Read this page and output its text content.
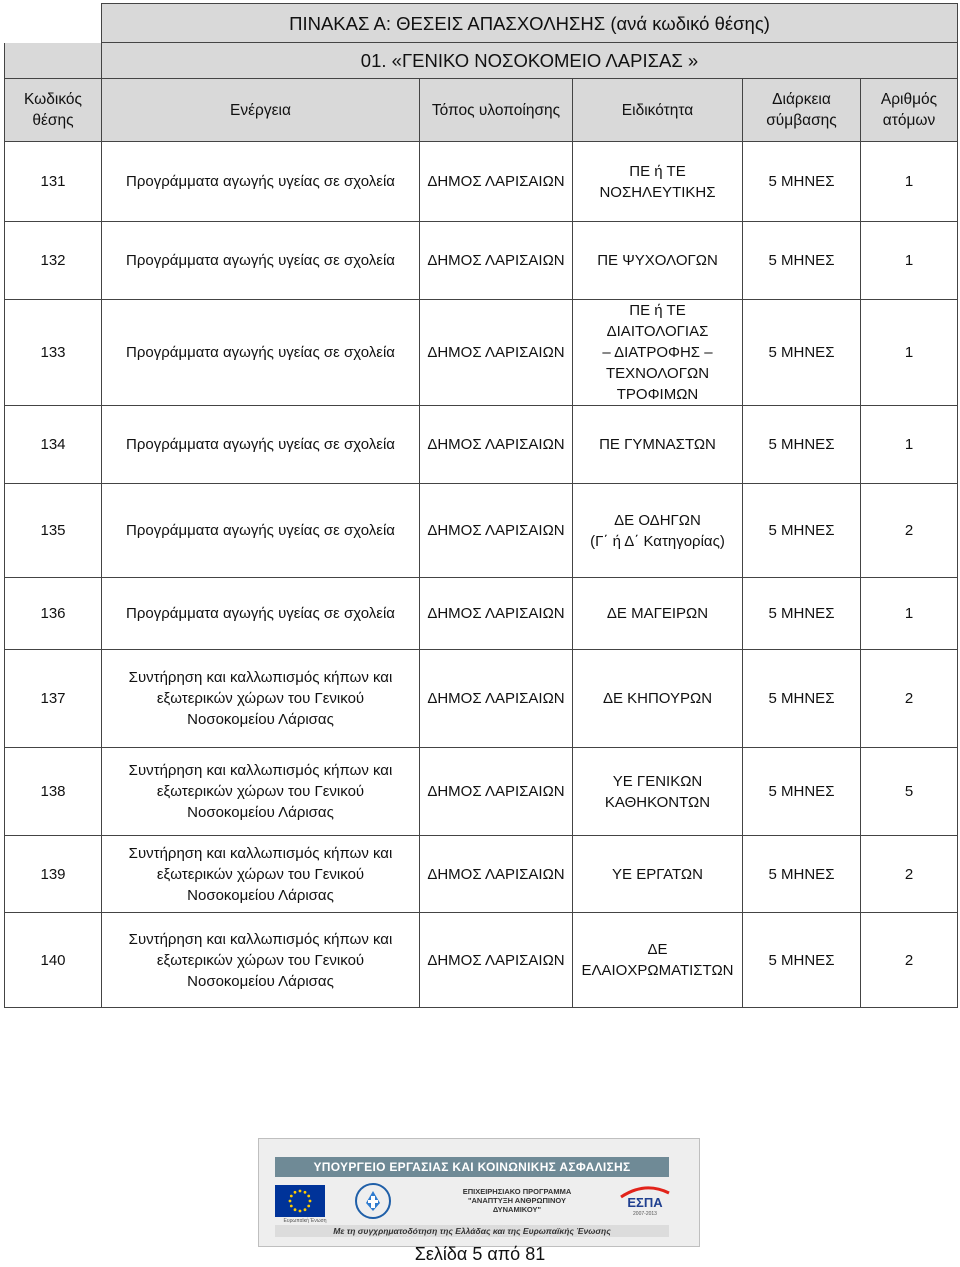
	ΠΙΝΑΚΑΣ Α: ΘΕΣΕΙΣ ΑΠΑΣΧΟΛΗΣΗΣ (ανά κωδικό θέσης)				
	01. «ΓΕΝΙΚΟ ΝΟΣΟΚΟΜΕΙΟ ΛΑΡΙΣΑΣ »				
Κωδικός
θέσης	Ενέργεια	Τόπος υλοποίησης	Ειδικότητα	Διάρκεια
σύμβασης	Αριθμός
ατόμων
131	Προγράμματα αγωγής υγείας σε σχολεία	ΔΗΜΟΣ ΛΑΡΙΣΑΙΩΝ	ΠΕ ή ΤΕ
ΝΟΣΗΛΕΥΤΙΚΗΣ	5 ΜΗΝΕΣ	1
132	Προγράμματα αγωγής υγείας σε σχολεία	ΔΗΜΟΣ ΛΑΡΙΣΑΙΩΝ	ΠΕ ΨΥΧΟΛΟΓΩΝ	5 ΜΗΝΕΣ	1
133	Προγράμματα αγωγής υγείας σε σχολεία	ΔΗΜΟΣ ΛΑΡΙΣΑΙΩΝ	ΠΕ ή ΤΕ ΔΙΑΙΤΟΛΟΓΙΑΣ
– ΔΙΑΤΡΟΦΗΣ –
ΤΕΧΝΟΛΟΓΩΝ
ΤΡΟΦΙΜΩΝ	5 ΜΗΝΕΣ	1
134	Προγράμματα αγωγής υγείας σε σχολεία	ΔΗΜΟΣ ΛΑΡΙΣΑΙΩΝ	ΠΕ ΓΥΜΝΑΣΤΩΝ	5 ΜΗΝΕΣ	1
135	Προγράμματα αγωγής υγείας σε σχολεία	ΔΗΜΟΣ ΛΑΡΙΣΑΙΩΝ	ΔΕ ΟΔΗΓΩΝ
(Γ΄ ή Δ΄ Κατηγορίας)	5 ΜΗΝΕΣ	2
136	Προγράμματα αγωγής υγείας σε σχολεία	ΔΗΜΟΣ ΛΑΡΙΣΑΙΩΝ	ΔΕ ΜΑΓΕΙΡΩΝ	5 ΜΗΝΕΣ	1
137	Συντήρηση και καλλωπισμός κήπων και
εξωτερικών χώρων του Γενικού
Νοσοκομείου Λάρισας	ΔΗΜΟΣ ΛΑΡΙΣΑΙΩΝ	ΔΕ ΚΗΠΟΥΡΩΝ	5 ΜΗΝΕΣ	2
138	Συντήρηση και καλλωπισμός κήπων και
εξωτερικών χώρων του Γενικού
Νοσοκομείου Λάρισας	ΔΗΜΟΣ ΛΑΡΙΣΑΙΩΝ	ΥΕ ΓΕΝΙΚΩΝ
ΚΑΘΗΚΟΝΤΩΝ	5 ΜΗΝΕΣ	5
139	Συντήρηση και καλλωπισμός κήπων και
εξωτερικών χώρων του Γενικού
Νοσοκομείου Λάρισας	ΔΗΜΟΣ ΛΑΡΙΣΑΙΩΝ	ΥΕ ΕΡΓΑΤΩΝ	5 ΜΗΝΕΣ	2
140	Συντήρηση και καλλωπισμός κήπων και
εξωτερικών χώρων του Γενικού
Νοσοκομείου Λάρισας	ΔΗΜΟΣ ΛΑΡΙΣΑΙΩΝ	ΔΕ
ΕΛΑΙΟΧΡΩΜΑΤΙΣΤΩΝ	5 ΜΗΝΕΣ	2
ΥΠΟΥΡΓΕΙΟ ΕΡΓΑΣΙΑΣ ΚΑΙ ΚΟΙΝΩΝΙΚΗΣ ΑΣΦΑΛΙΣΗΣ
Ευρωπαϊκή Ένωση
ΕΠΙΧΕΙΡΗΣΙΑΚΟ ΠΡΟΓΡΑΜΜΑ
"ΑΝΑΠΤΥΞΗ ΑΝΘΡΩΠΙΝΟΥ ΔΥΝΑΜΙΚΟΥ"	ΕΣΠΑ
2007-2013
Με τη συγχρηματοδότηση της Ελλάδας και της Ευρωπαϊκής Ένωσης
Σελίδα 5 από 81
